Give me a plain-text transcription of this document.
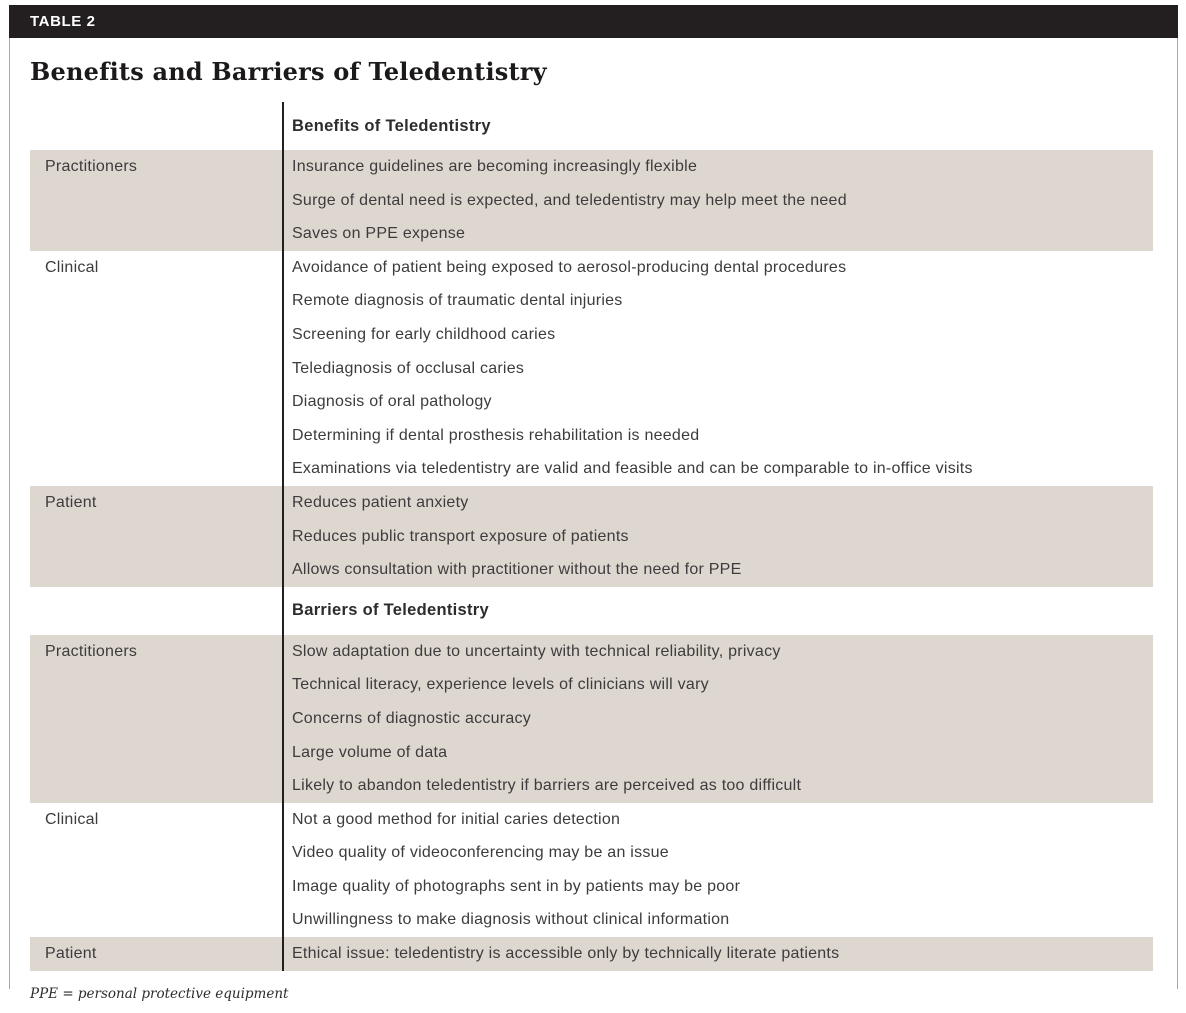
TABLE 2
Benefits and Barriers of Teledentistry
Benefits of Teledentistry
Practitioners	Insurance guidelines are becoming increasingly flexible
Surge of dental need is expected, and teledentistry may help meet the need
Saves on PPE expense
Clinical	Avoidance of patient being exposed to aerosol-producing dental procedures
Remote diagnosis of traumatic dental injuries
Screening for early childhood caries
Telediagnosis of occlusal caries
Diagnosis of oral pathology
Determining if dental prosthesis rehabilitation is needed
Examinations via teledentistry are valid and feasible and can be comparable to in-office visits
Patient	Reduces patient anxiety
Reduces public transport exposure of patients
Allows consultation with practitioner without the need for PPE
Barriers of Teledentistry
Practitioners	Slow adaptation due to uncertainty with technical reliability, privacy
Technical literacy, experience levels of clinicians will vary
Concerns of diagnostic accuracy
Large volume of data
Likely to abandon teledentistry if barriers are perceived as too difficult
Clinical	Not a good method for initial caries detection
Video quality of videoconferencing may be an issue
Image quality of photographs sent in by patients may be poor
Unwillingness to make diagnosis without clinical information
Patient	Ethical issue: teledentistry is accessible only by technically literate patients
PPE = personal protective equipment
